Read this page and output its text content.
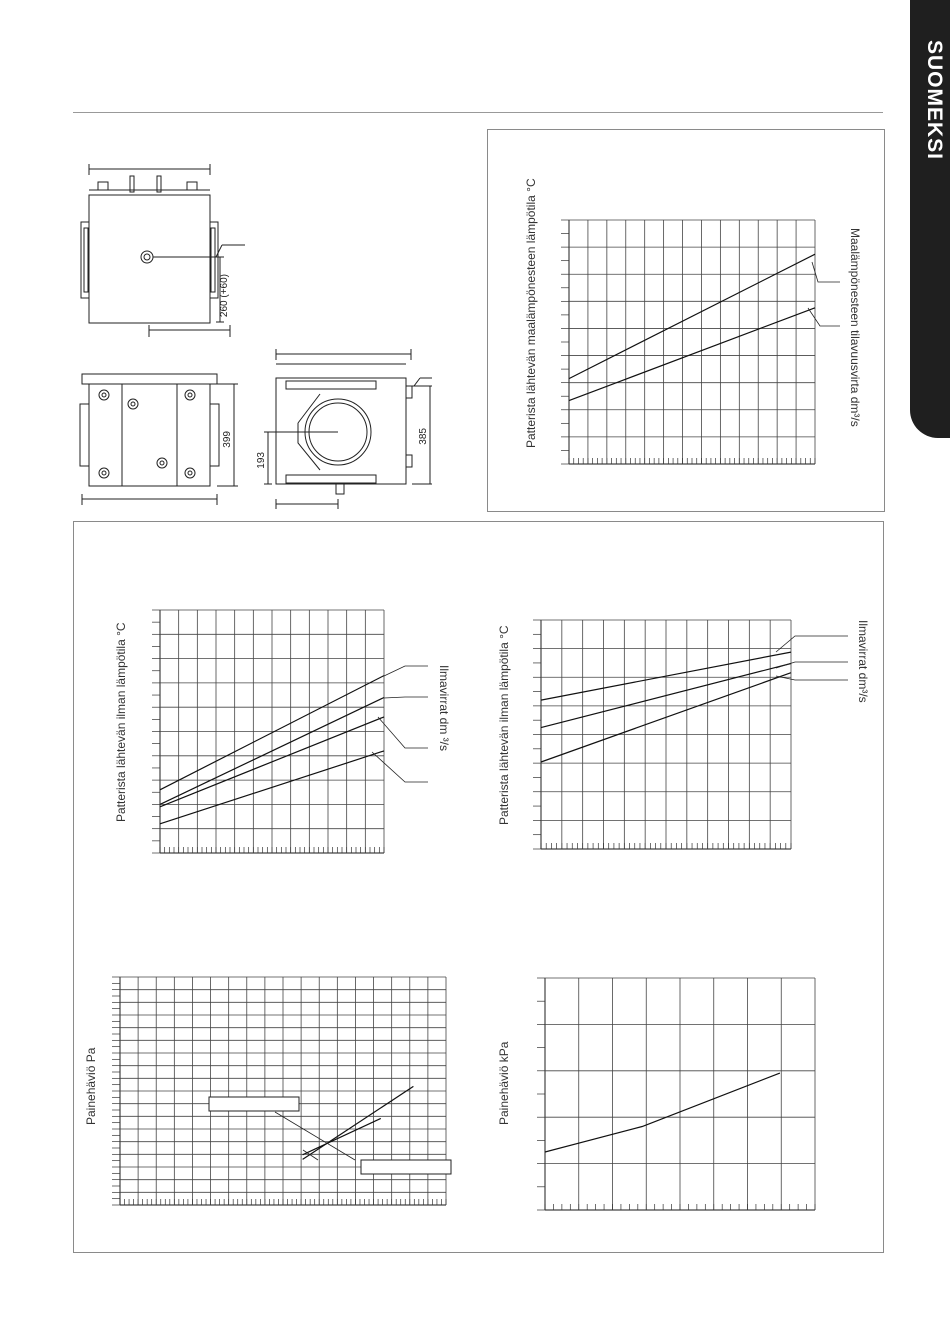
SUOMEKSI
260 (+60)
399
193
385	Patterista lähtevän maalämpönesteen lämpötila °C	Maalämpönesteen tilavuusvirta dm³/s
Patterista lähtevän ilman lämpötila °C	Ilmavirrat dm ³/s	Patterista lähtevän ilman lämpötila °C	Ilmavirrat dm³/s
Painehäviö Pa	Painehäviö kPa
